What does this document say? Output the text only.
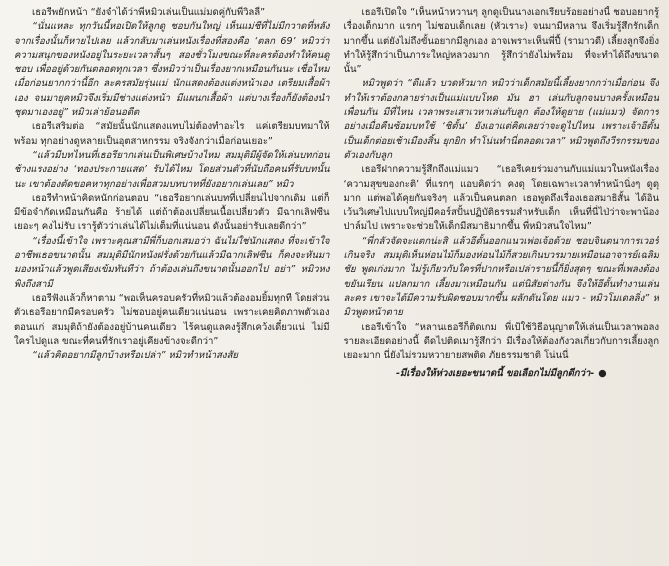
เธอรีพยักหน้า “ยังจำได้ว่าพี่หมิวเล่นเป็นแม่มดคู่กับพี่วิลลี่”

“นั่นแหละ ทุกวันนี้หอเปิดให้ลูกดู ชอบกันใหญ่ เห็นแม่ชีที่ไม่มีกวาดที่หลังจากเรื่องนั้นก็หายไปเลย แล้วกลับมาเล่นหนังเรื่องที่สองคือ ‘ตลก 69’ หมิวว่าความสนุกของหนังอยู่ในระยะเวลาสั้นๆ สองชั่วโมงขณะที่ละครต้องทำให้คนดูชอบ เพื่ออยู่ด้วยกันตลอดทุกเวลา ซึ่งหมิวว่าเป็นเรื่องยากเหมือนกันนะ เชื่อไหมเมื่อก่อนยากกว่านี้อีก ละครสมัยรุ่นแม่ นักแสดงต้องแต่งหน้าเอง เตรียมเสื้อผ้าเอง จนมายุคหมิวจึงเริ่มมีช่างแต่งหน้า มีแผนกเสื้อผ้า แต่บางเรื่องก็ยังต้องนำชุดมาเองอยู่” หมิวเล่าย้อนอดีต

เธอรีเสริมต่อ “สมัยนั้นนักแสดงแทบไม่ต้องทำอะไร แค่เตรียมบทมาให้พร้อม ทุกอย่างดูหลายเป็นอุตสาหกรรม จริงจังกว่าเมื่อก่อนเยอะ”

“แล้วมีบทไหนที่เธอรียากเล่นเป็นพิเศษบ้างไหม สมมุติมีผู้จัดให้เล่นบทก่อนช้างแรงอย่าง ‘ทองประกายแสด’ รับได้ไหม โดยส่วนตัวที่นับถือคนที่รับบทนั้นนะ เขาต้องตัดขอคหาทุกอย่างเพื่อสวมบทบาทที่ยังอยากเล่นเลย” หมิว

เธอรีทำหน้าคิดหนักก่อนตอบ “เธอรีอยากเล่นบทที่เปลี่ยนไปจากเดิม แต่ก็มีข้อจำกัดเหมือนกันคือ ร้ายได้ แต่ถ้าต้องเปลี่ยนเนื้อเปลี่ยวตัว มีฉากเลิฟซีนเยอะๆ คงไม่รับ เรารู้ตัวว่าเล่นได้ไม่เต็มที่แน่นอน ดังนั้นอย่ารับเลยดีกว่า”

“เรื่องนี้เข้าใจ เพราะคุณสามีพี่ก็บอกเสมอว่า ฉันไม่ใช่นักแสดง ที่จะเข้าใจอาชีพเธอขนาดนั้น สมมุติมีนักหนังฝรั่งด้วยกันแล้วมีฉากเลิฟซีน ก็คงจะหันมามองหน้าแล้วพูดเสียงเข้มทันทีว่า ถ้าต้องเล่นถึงขนาดนั้นออกไป อย่า” หมิวหงพิงถึงสามี

เธอรีฟังแล้วก็หาตาม “พอเห็นครอบครัวที่หมิวแล้วต้องอมยิ้มทุกที โดยส่วนตัวเธอรีอยากมีครอบครัว ไม่ชอบอยู่คนเดียวแน่นอน เพราะเคยคิดภาพตัวเองตอนแก่ สมมุติถ้ายังต้องอยู่บ้านคนเดียว ไร้คนดูแลคงรู้สึกเคว้งเดี๋ยวแน่ ไม่มีใครไปดูแล ขณะที่คนที่รักเราอยู่เคียงข้างจะดีกว่า”

“แล้วคิดอยากมีลูกบ้างหรือเปล่า” หมิวทำหน้าสงสัย

เธอรีเปิดใจ “เห็นหน้าหวานๆ ลูกดูเป็นนางเอกเรียบร้อยอย่างนี้ ชอบอยากรู้เรื่องเด็กมาก แรกๆ ไม่ชอบเด็กเลย (หัวเราะ) จนมามีหลาน จึงเริ่มรู้สึกรักเด็กมากขึ้น แต่ยังไม่ถึงขั้นอยากมีลูกเอง อาจเพราะเห็นพี่ปี้ (รามาวดี) เลี้ยงลูกจึงยิ่งทำให้รู้สึกว่าเป็นภาระใหญ่หลวงมาก รู้สึกว่ายังไม่พร้อม ที่จะทำได้ถึงขนาดนั้น”

หมิวพูดว่า “ดีแล้ว บวดหัวมาก หมิวว่าเด็กสมัยนี้เลี้ยงยากกว่าเมื่อก่อน จึงทำให้เราต้องกลายร่างเป็นแม่แบบโหด มัน ฮา เล่นกับลูกจนบางครั้งเหมือนเพื่อนกัน มีที่ไหน เวลาพระเสาเวหาเล่นกับลูก ต้องให้ดูยาย (แม่แมว) จัดการ อย่างเมื่อคืนซ้อมบทใช้ ‘ชิตั้น’ ยังเอาแต่คิดเลยว่าจะดูไปไหน เพราะเจ้าอีตั้นเป็นเด็กต่อยเช้าเมืองสิ้น ยุกยิก ทำโน่นทำนี่ตลอดเวลา” หมิวพูดถึงวีรกรรมของตัวเองกับลูก

เธอรีฝากความรู้สึกถึงแม่แมว “เธอรีเคยร่วมงานกับแม่แมวในหนังเรื่อง ‘ความสุขของกะติ’ ที่แรกๆ แอบคิดว่า คงดุ โดยเฉพาะเวลาทำหน้านิ่งๆ ดูดุมาก แต่พอได้คุยกันจริงๆ แล้วเป็นคนตลก เธอพูดถึงเรื่องเธอสมาธิสั้น ได้อินเว้นวิเศษไปแบบใหญ่มีคอร์สปั้นปฏิบัติธรรมสำหรับเด็ก เห็นที่นี่ไป่ว่าจะพาน้องปาล์มไป เพราะจะช่วยให้เด็กมีสมาธิมากขึ้น พี่หมิวสนใจไหม”

“พี่กลัวจัดจะแตกน่ะสิ แล้วอีตั้นออกแนวเพ่อเจ้อด้วย ชอบจินตนาการเวอร์เกินจริง สมมุติเห็นห่อนไม้ก็มองห่อนไม้ก็สวยเกินบวรมายเหมือนอาจารย์เฉลิมชัย พูดเก่งมาก ไม่รู้เกียวกับใครที่ปากหรือเปล่ารายนี้ก็ยิ่งสุดๆ ขณะที่เพลงต้องขยันเรียน แปลกมาก เลี้ยงมาเหมือนกัน แต่นิสัยต่างกัน จึงให้อีตั้นทำงานเล่นละคร เขาจะได้มีความรับผิดชอบมากขึ้น ผลักดันโดย แมว - หมิวโมเดลลิ่ง” หมิวพูดหน้าตาย

เธอรีเข้าใจ “หลานเธอรีก็ติดเกม พี่เป้ใช้วิธีอนุญาตให้เล่นเป็นเวลาพอลงรายละเอียดอย่างนี้ ดีดไปติดเมารู้สึกว่า มีเรื่องให้ต้องกังวลเกี่ยวกับการเลี้ยงลูกเยอะมาก นี่ยังไม่รวมหวายายสพติด ภัยธรรมชาติ โน่นนี่

-มีเรื่องให้ห่วงเยอะขนาดนี้ ขอเลือกไม่มีลูกดีกว่า- ●
